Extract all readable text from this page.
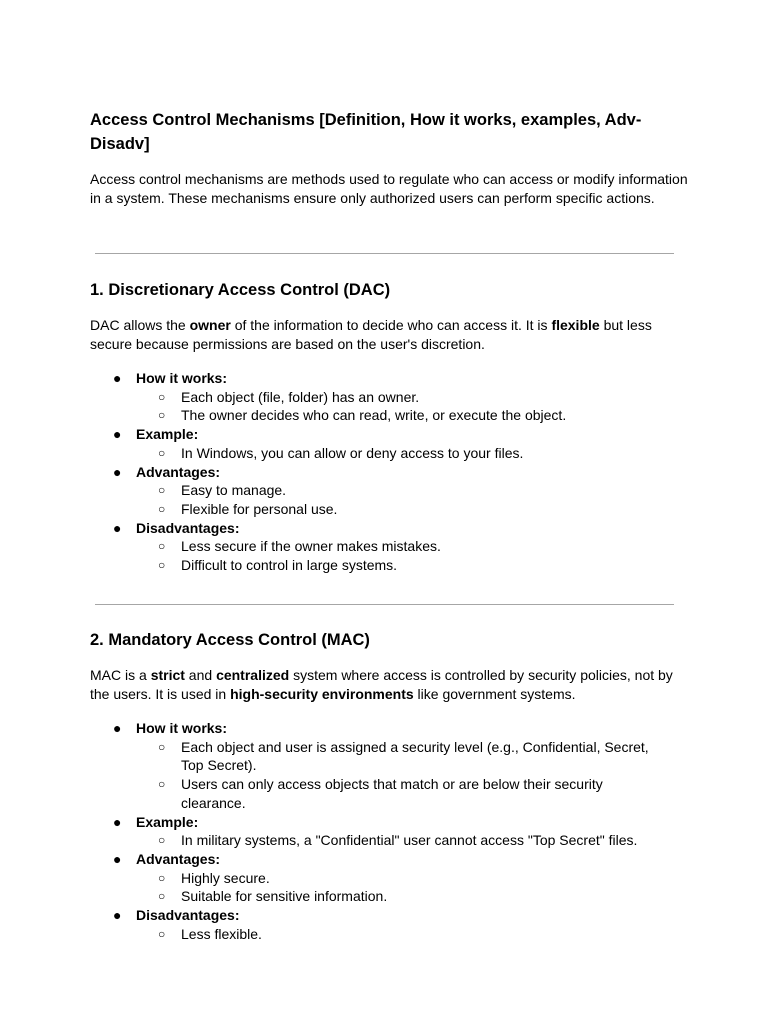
Access Control Mechanisms [Definition, How it works, examples, Adv-Disadv]

Access control mechanisms are methods used to regulate who can access or modify information in a system. These mechanisms ensure only authorized users can perform specific actions.

1. Discretionary Access Control (DAC)

DAC allows the owner of the information to decide who can access it. It is flexible but less secure because permissions are based on the user's discretion.

● How it works:
○ Each object (file, folder) has an owner.
○ The owner decides who can read, write, or execute the object.
● Example:
○ In Windows, you can allow or deny access to your files.
● Advantages:
○ Easy to manage.
○ Flexible for personal use.
● Disadvantages:
○ Less secure if the owner makes mistakes.
○ Difficult to control in large systems.
2. Mandatory Access Control (MAC)

MAC is a strict and centralized system where access is controlled by security policies, not by the users. It is used in high-security environments like government systems.

● How it works:
○ Each object and user is assigned a security level (e.g., Confidential, Secret, Top Secret).
○ Users can only access objects that match or are below their security clearance.
● Example:
○ In military systems, a "Confidential" user cannot access "Top Secret" files.
● Advantages:
○ Highly secure.
○ Suitable for sensitive information.
● Disadvantages:
○ Less flexible.
